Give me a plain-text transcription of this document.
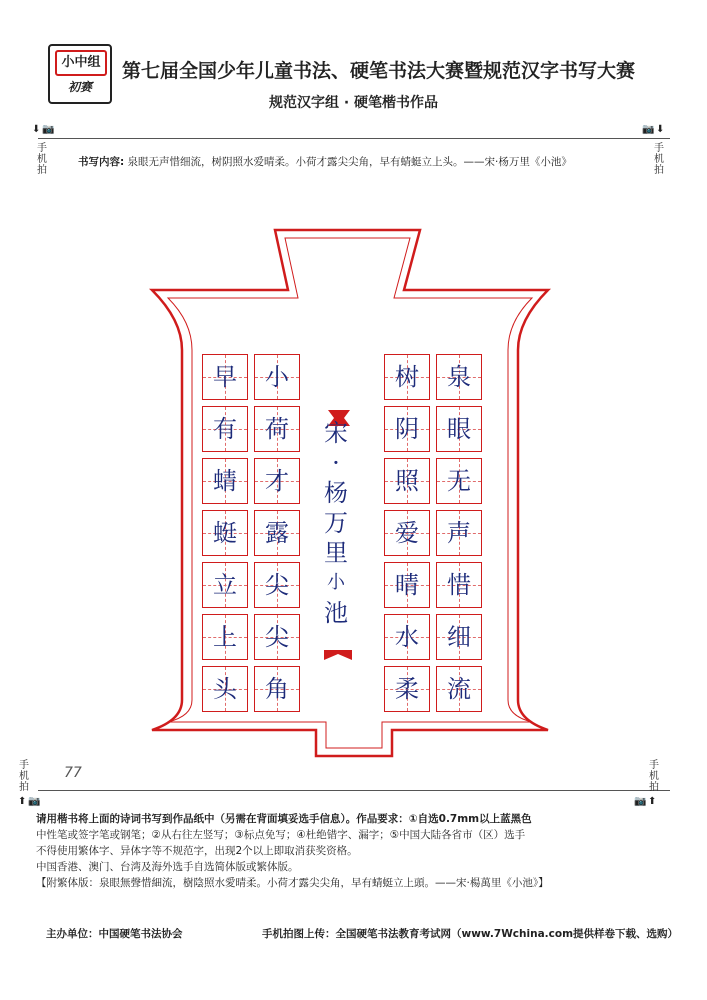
小中组
初赛
第七届全国少年儿童书法、硬笔书法大赛暨规范汉字书写大赛
规范汉字组 · 硬笔楷书作品
⬇ 📷
手机拍
📷 ⬇
手机拍
书写内容: 泉眼无声惜细流，树阴照水爱晴柔。小荷才露尖尖角，早有蜻蜓立上头。——宋·杨万里《小池》
泉
眼
无
声
惜
细
流
树
阴
照
爱
晴
水
柔
小
荷
才
露
尖
尖
角
早
有
蜻
蜓
立
上
头
宋
·
杨
万
里
小
池
手机拍
⬆ 📷
手机拍
📷 ⬆
77
请用楷书将上面的诗词书写到作品纸中（另需在背面填妥选手信息）。作品要求：①自选0.7mm以上蓝黑色
中性笔或签字笔或钢笔；②从右往左竖写；③标点免写；④杜绝错字、漏字；⑤中国大陆各省市（区）选手
不得使用繁体字、异体字等不规范字，出现2个以上即取消获奖资格。
中国香港、澳门、台湾及海外选手自选简体版或繁体版。
【附繁体版：泉眼無聲惜細流，樹陰照水愛晴柔。小荷才露尖尖角，早有蜻蜓立上頭。——宋·楊萬里《小池》】
主办单位：中国硬笔书法协会	手机拍图上传：全国硬笔书法教育考试网（www.7Wchina.com提供样卷下载、选购）
